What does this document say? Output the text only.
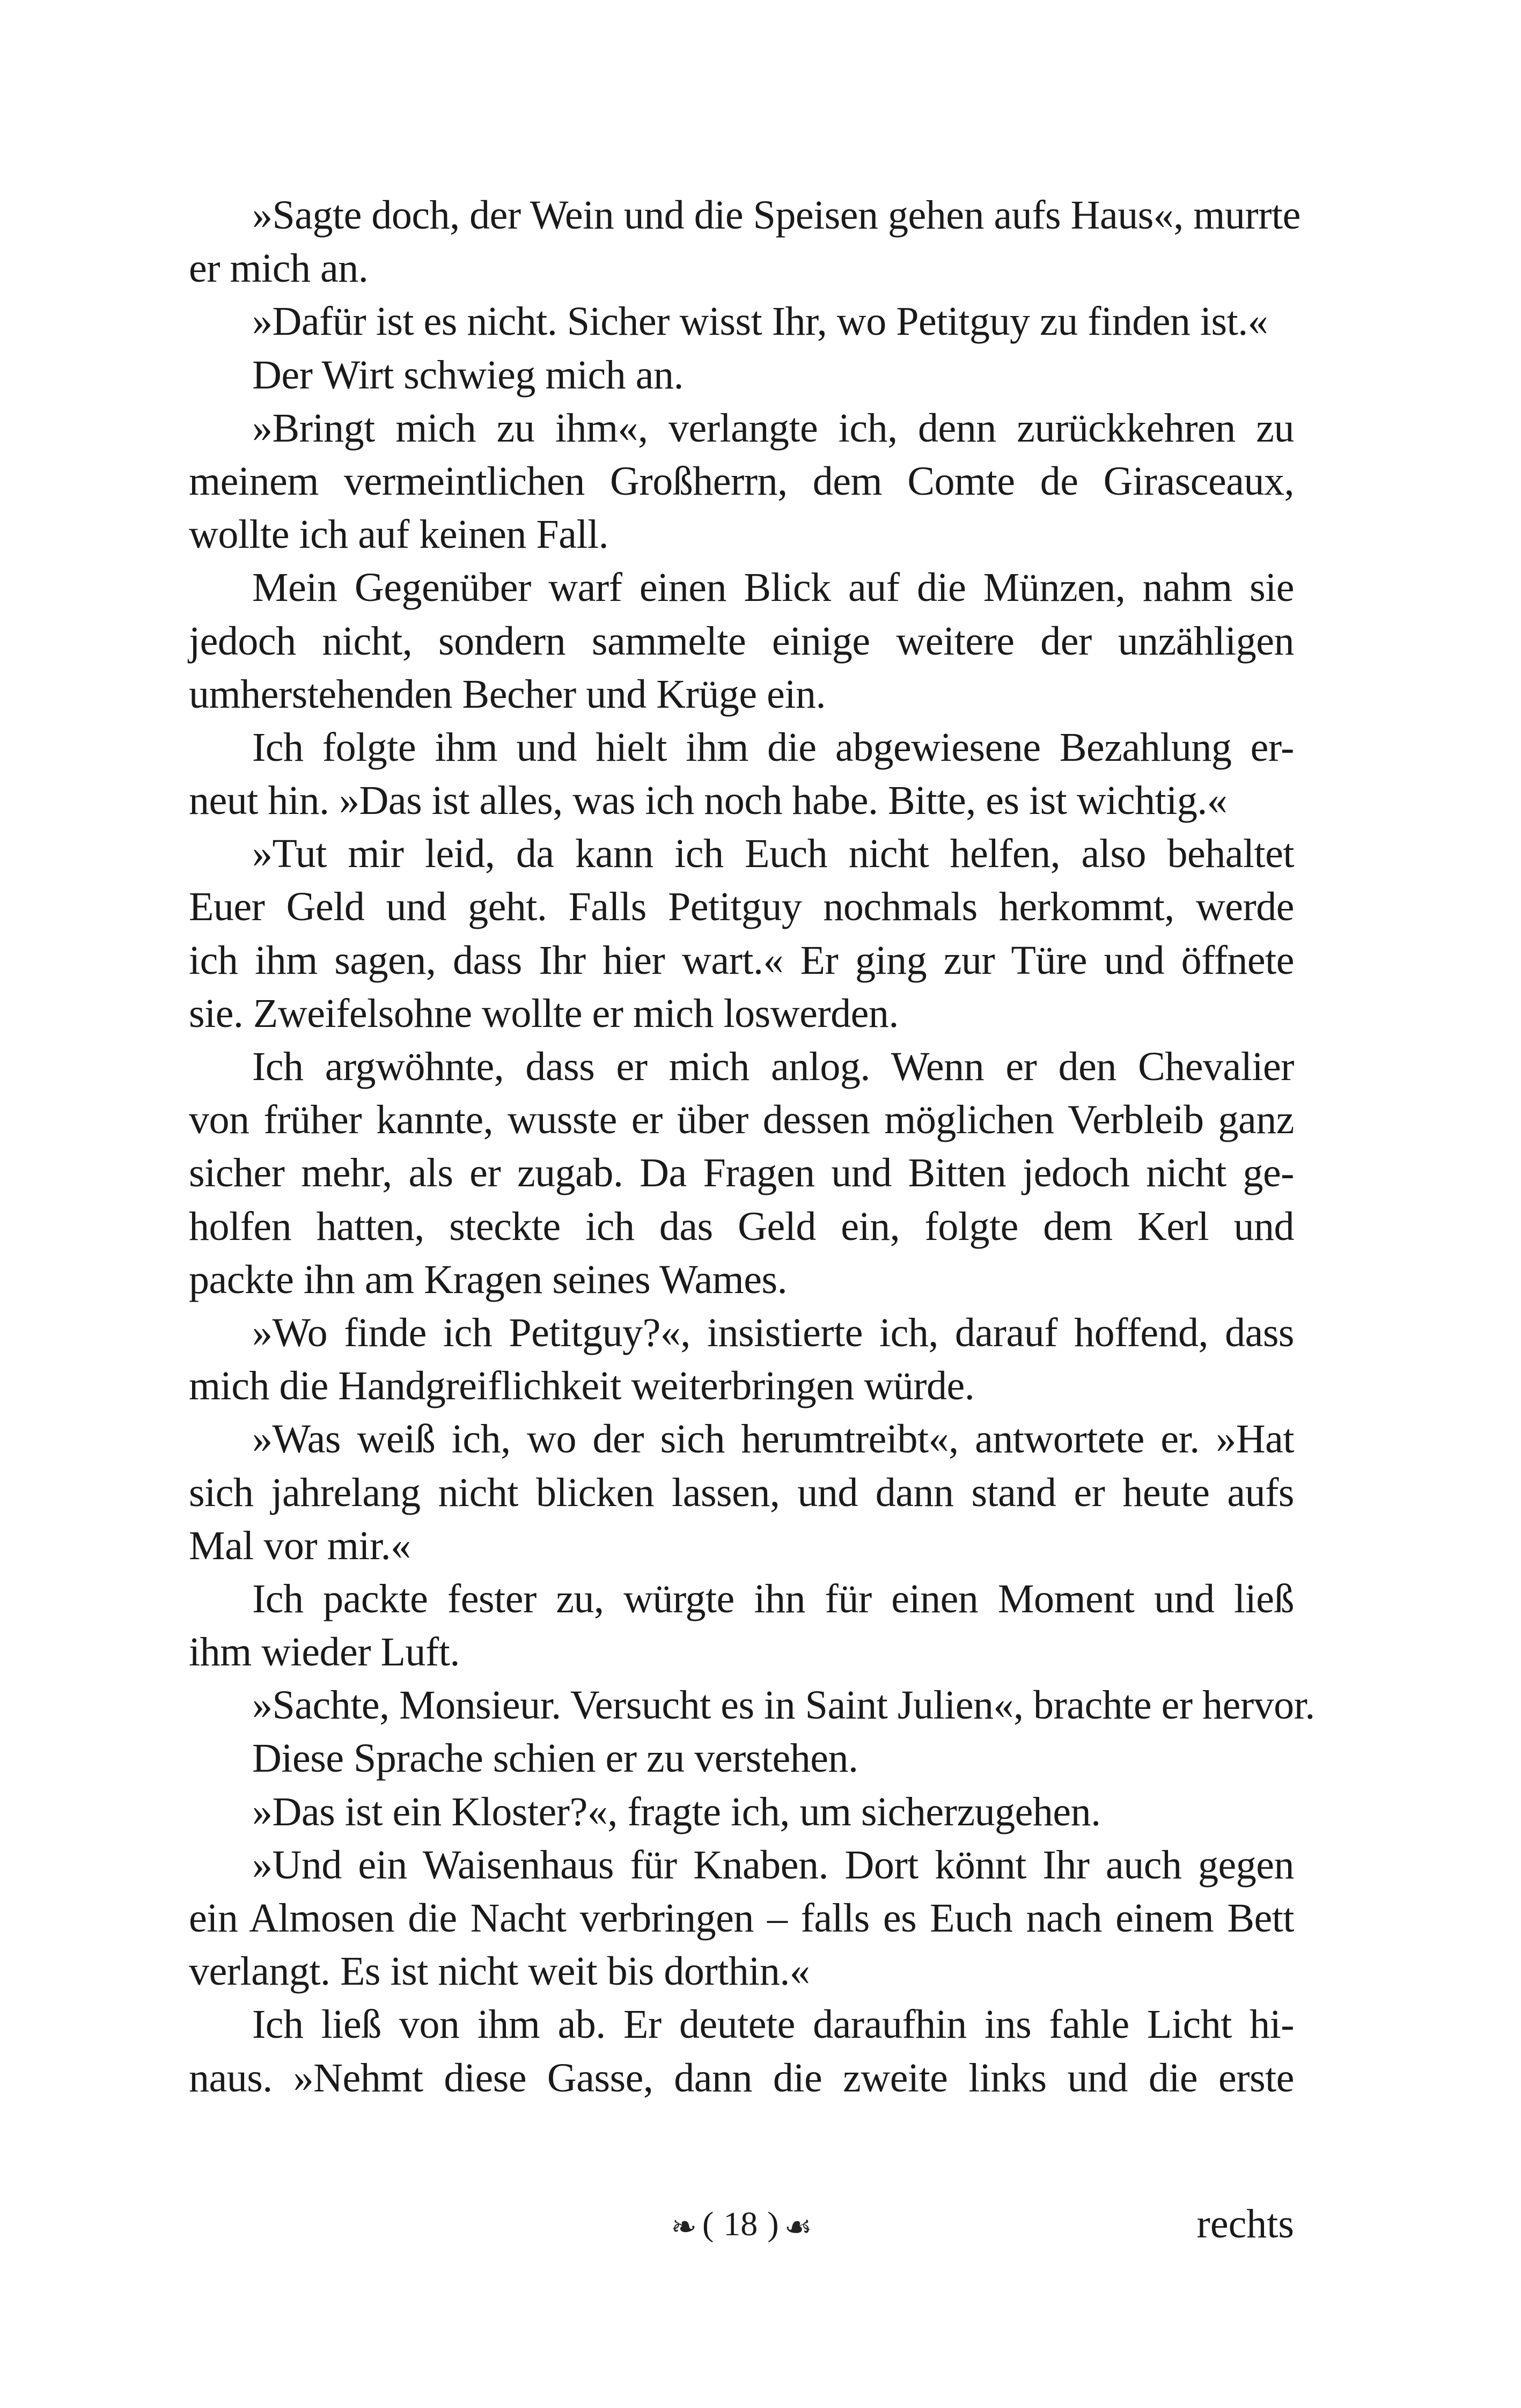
»Sagte doch, der Wein und die Speisen gehen aufs Haus«, murrte
er mich an.
»Dafür ist es nicht. Sicher wisst Ihr, wo Petitguy zu finden ist.«
Der Wirt schwieg mich an.
»Bringt mich zu ihm«, verlangte ich, denn zurückkehren zu
meinem vermeintlichen Großherrn, dem Comte de Girasceaux,
wollte ich auf keinen Fall.
Mein Gegenüber warf einen Blick auf die Münzen, nahm sie
jedoch nicht, sondern sammelte einige weitere der unzähligen
umherstehenden Becher und Krüge ein.
Ich folgte ihm und hielt ihm die abgewiesene Bezahlung er-
neut hin. »Das ist alles, was ich noch habe. Bitte, es ist wichtig.«
»Tut mir leid, da kann ich Euch nicht helfen, also behaltet
Euer Geld und geht. Falls Petitguy nochmals herkommt, werde
ich ihm sagen, dass Ihr hier wart.« Er ging zur Türe und öffnete
sie. Zweifelsohne wollte er mich loswerden.
Ich argwöhnte, dass er mich anlog. Wenn er den Chevalier
von früher kannte, wusste er über dessen möglichen Verbleib ganz
sicher mehr, als er zugab. Da Fragen und Bitten jedoch nicht ge-
holfen hatten, steckte ich das Geld ein, folgte dem Kerl und
packte ihn am Kragen seines Wames.
»Wo finde ich Petitguy?«, insistierte ich, darauf hoffend, dass
mich die Handgreiflichkeit weiterbringen würde.
»Was weiß ich, wo der sich herumtreibt«, antwortete er. »Hat
sich jahrelang nicht blicken lassen, und dann stand er heute aufs
Mal vor mir.«
Ich packte fester zu, würgte ihn für einen Moment und ließ
ihm wieder Luft.
»Sachte, Monsieur. Versucht es in Saint Julien«, brachte er hervor.
Diese Sprache schien er zu verstehen.
»Das ist ein Kloster?«, fragte ich, um sicherzugehen.
»Und ein Waisenhaus für Knaben. Dort könnt Ihr auch gegen
ein Almosen die Nacht verbringen – falls es Euch nach einem Bett
verlangt. Es ist nicht weit bis dorthin.«
Ich ließ von ihm ab. Er deutete daraufhin ins fahle Licht hi-
naus. »Nehmt diese Gasse, dann die zweite links und die erste
❧ ( 18 ) ☙	rechts
